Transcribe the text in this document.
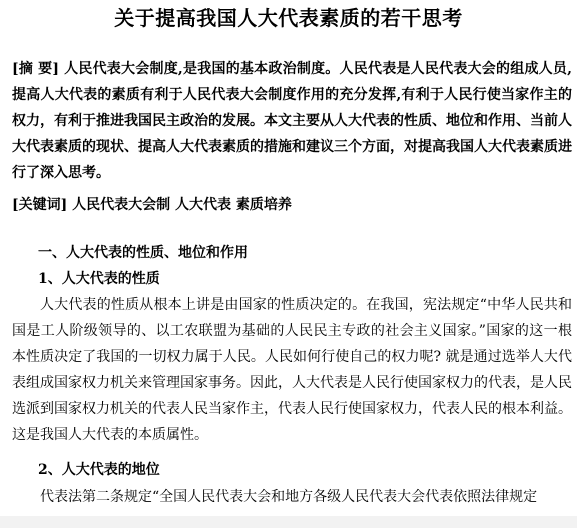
关于提高我国人大代表素质的若干思考

[摘 要] 人民代表大会制度,是我国的基本政治制度。人民代表是人民代表大会的组成人员,提高人大代表的素质有利于人民代表大会制度作用的充分发挥,有利于人民行使当家作主的权力，有利于推进我国民主政治的发展。本文主要从人大代表的性质、地位和作用、当前人大代表素质的现状、提高人大代表素质的措施和建议三个方面，对提高我国人大代表素质进行了深入思考。

[关键词] 人民代表大会制 人大代表 素质培养

一、人大代表的性质、地位和作用

1、人大代表的性质

人大代表的性质从根本上讲是由国家的性质决定的。在我国，宪法规定“中华人民共和国是工人阶级领导的、以工农联盟为基础的人民民主专政的社会主义国家。”国家的这一根本性质决定了我国的一切权力属于人民。人民如何行使自己的权力呢? 就是通过选举人大代表组成国家权力机关来管理国家事务。因此，人大代表是人民行使国家权力的代表，是人民选派到国家权力机关的代表人民当家作主，代表人民行使国家权力，代表人民的根本利益。这是我国人大代表的本质属性。

2、人大代表的地位

代表法第二条规定“全国人民代表大会和地方各级人民代表大会代表依照法律规定
